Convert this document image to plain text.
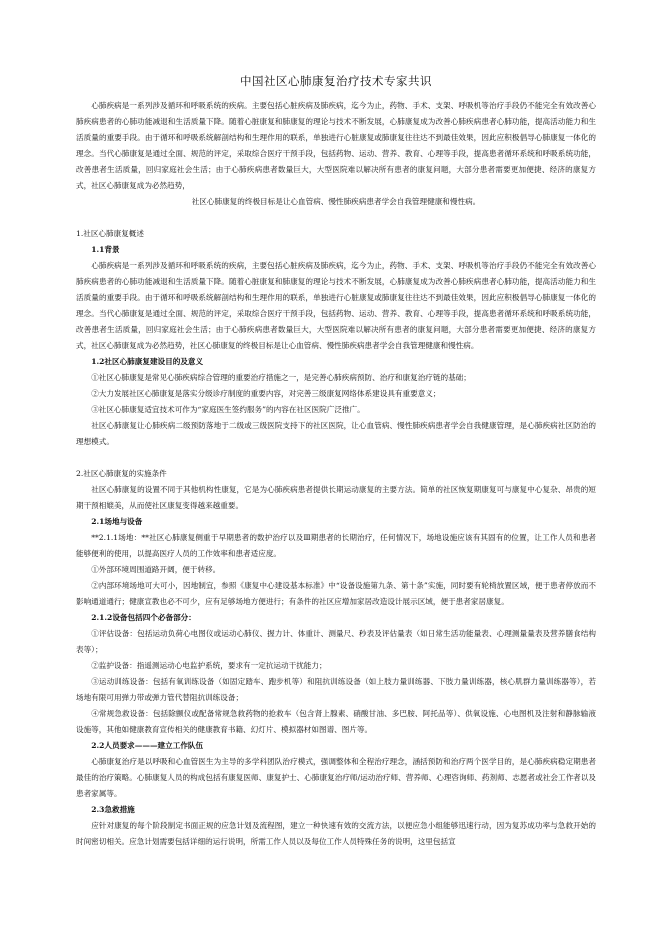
中国社区心肺康复治疗技术专家共识

心肺疾病是一系列涉及循环和呼吸系统的疾病。主要包括心脏疾病及肺疾病，迄今为止，药物、手术、支架、呼吸机等治疗手段仍不能完全有效改善心肺疾病患者的心肺功能减退和生活质量下降。随着心脏康复和肺康复的理论与技术不断发展，心肺康复成为改善心肺疾病患者心肺功能，提高活动能力和生活质量的重要手段。由于循环和呼吸系统解剖结构和生理作用的联系，单独进行心脏康复或肺康复往往达不到最佳效果，因此应积极倡导心肺康复一体化的理念。当代心肺康复是通过全面、规范的评定，采取综合医疗干预手段，包括药物、运动、营养、教育、心理等手段，提高患者循环系统和呼吸系统功能，改善患者生活质量，回归家庭社会生活；由于心肺疾病患者数量巨大，大型医院难以解决所有患者的康复问题，大部分患者需要更加便捷、经济的康复方式，社区心肺康复成为必然趋势，

社区心肺康复的终极目标是让心血管病、慢性肺疾病患者学会自我管理健康和慢性病。

1.社区心肺康复概述
1.1背景

心肺疾病是一系列涉及循环和呼吸系统的疾病，主要包括心脏疾病及肺疾病，迄今为止，药物、手术、支架、呼吸机等治疗手段仍不能完全有效改善心肺疾病患者的心肺功能减退和生活质量下降。随着心脏康复和肺康复的理论与技术不断发展，心肺康复成为改善心肺疾病患者心肺功能，提高活动能力和生活质量的重要手段。由于循环和呼吸系统解剖结构和生理作用的联系，单独进行心脏康复或肺康复往往达不到最佳效果，因此应积极倡导心肺康复一体化的理念。当代心肺康复是通过全面、规范的评定，采取综合医疗干预手段，包括药物、运动、营养、教育、心理等手段，提高患者循环系统和呼吸系统功能，改善患者生活质量，回归家庭社会生活；由于心肺疾病患者数量巨大，大型医院难以解决所有患者的康复问题，大部分患者需要更加便捷、经济的康复方式，社区心肺康复成为必然趋势，社区心肺康复的终极目标是让心血管病、慢性肺疾病患者学会自我管理健康和慢性病。

1.2社区心肺康复建设目的及意义

①社区心肺康复是常见心肺疾病综合管理的重要治疗措施之一，是完善心肺疾病预防、治疗和康复治疗链的基础；

②大力发展社区心肺康复是落实分级诊疗制度的重要内容，对完善三级康复网络体系建设具有重要意义；

③社区心肺康复适宜技术可作为“家庭医生签约服务”的内容在社区医院广泛推广。

社区心肺康复让心肺疾病二级预防落地于二级或三级医院支持下的社区医院，让心血管病、慢性肺疾病患者学会自我健康管理，是心肺疾病社区防治的理想模式。

2.社区心肺康复的实施条件

社区心肺康复的设置不同于其他机构性康复，它是为心肺疾病患者提供长期运动康复的主要方法。简单的社区恢复期康复可与康复中心复杂、昂贵的短期干预相媲美，从而使社区康复变得越来越重要。

2.1场地与设备

**2.1.1场地：**社区心肺康复侧重于早期患者的数护治疗以及Ⅲ期患者的长期治疗，任何情况下，场地设施应该有其固有的位置，让工作人员和患者能够便利的使用，以提高医疗人员的工作效率和患者适应度。

①外部环境周围道路开阔，便于转移。

②内部环境场地可大可小，因地制宜，参照《康复中心建设基本标准》中“设备设施第九条、第十条”实施，同时要有轮椅放置区域，便于患者停放而不影响通道通行；健康宣教也必不可少，应有足够场地方便进行；有条件的社区应增加家居改造设计展示区域，便于患者家居康复。

2.1.2设备包括四个必备部分：

①评估设备：包括运动负荷心电图仪或运动心肺仪、握力计、体重计、测量尺、秒表及评估量表（如日常生活功能量表、心理测量量表及营养膳食结构表等）；

②监护设备：指遥测运动心电监护系统，要求有一定抗运动干扰能力；

③运动训练设备：包括有氧训练设备（如固定踏车、跑步机等）和阻抗训练设备（如上肢力量训练器、下肢力量训练器，核心肌群力量训练器等），若场地有限可用弹力带或弹力管代替阻抗训练设备；

④常规急救设备：包括除颤仪或配备常规急救药物的抢救车（包含肾上腺素、硝酸甘油、多巴胺、阿托品等）、供氧设施、心电图机及注射和静脉输液设施等，其他如健康教育宣传相关的健康教育书籍、幻灯片、模拟器材如图谱、图片等。

2.2人员要求———建立工作队伍

心肺康复治疗是以呼吸和心血管医生为主导的多学科团队治疗模式，强调整体和全程治疗理念，涵括预防和治疗两个医学目的，是心肺疾病稳定期患者最佳的治疗策略。心肺康复人员的构成包括有康复医师、康复护士、心肺康复治疗师/运动治疗师、营养师、心理咨询师、药剂师、志愿者或社会工作者以及患者家属等。

2.3急救措施

应针对康复的每个阶段制定书面正规的应急计划及流程图，建立一种快速有效的交流方法，以便应急小组能够迅速行动，因为复苏成功率与急救开始的时间密切相关。应急计划需要包括详细的运行说明，所需工作人员以及每位工作人员特殊任务的说明，这里包括宣
